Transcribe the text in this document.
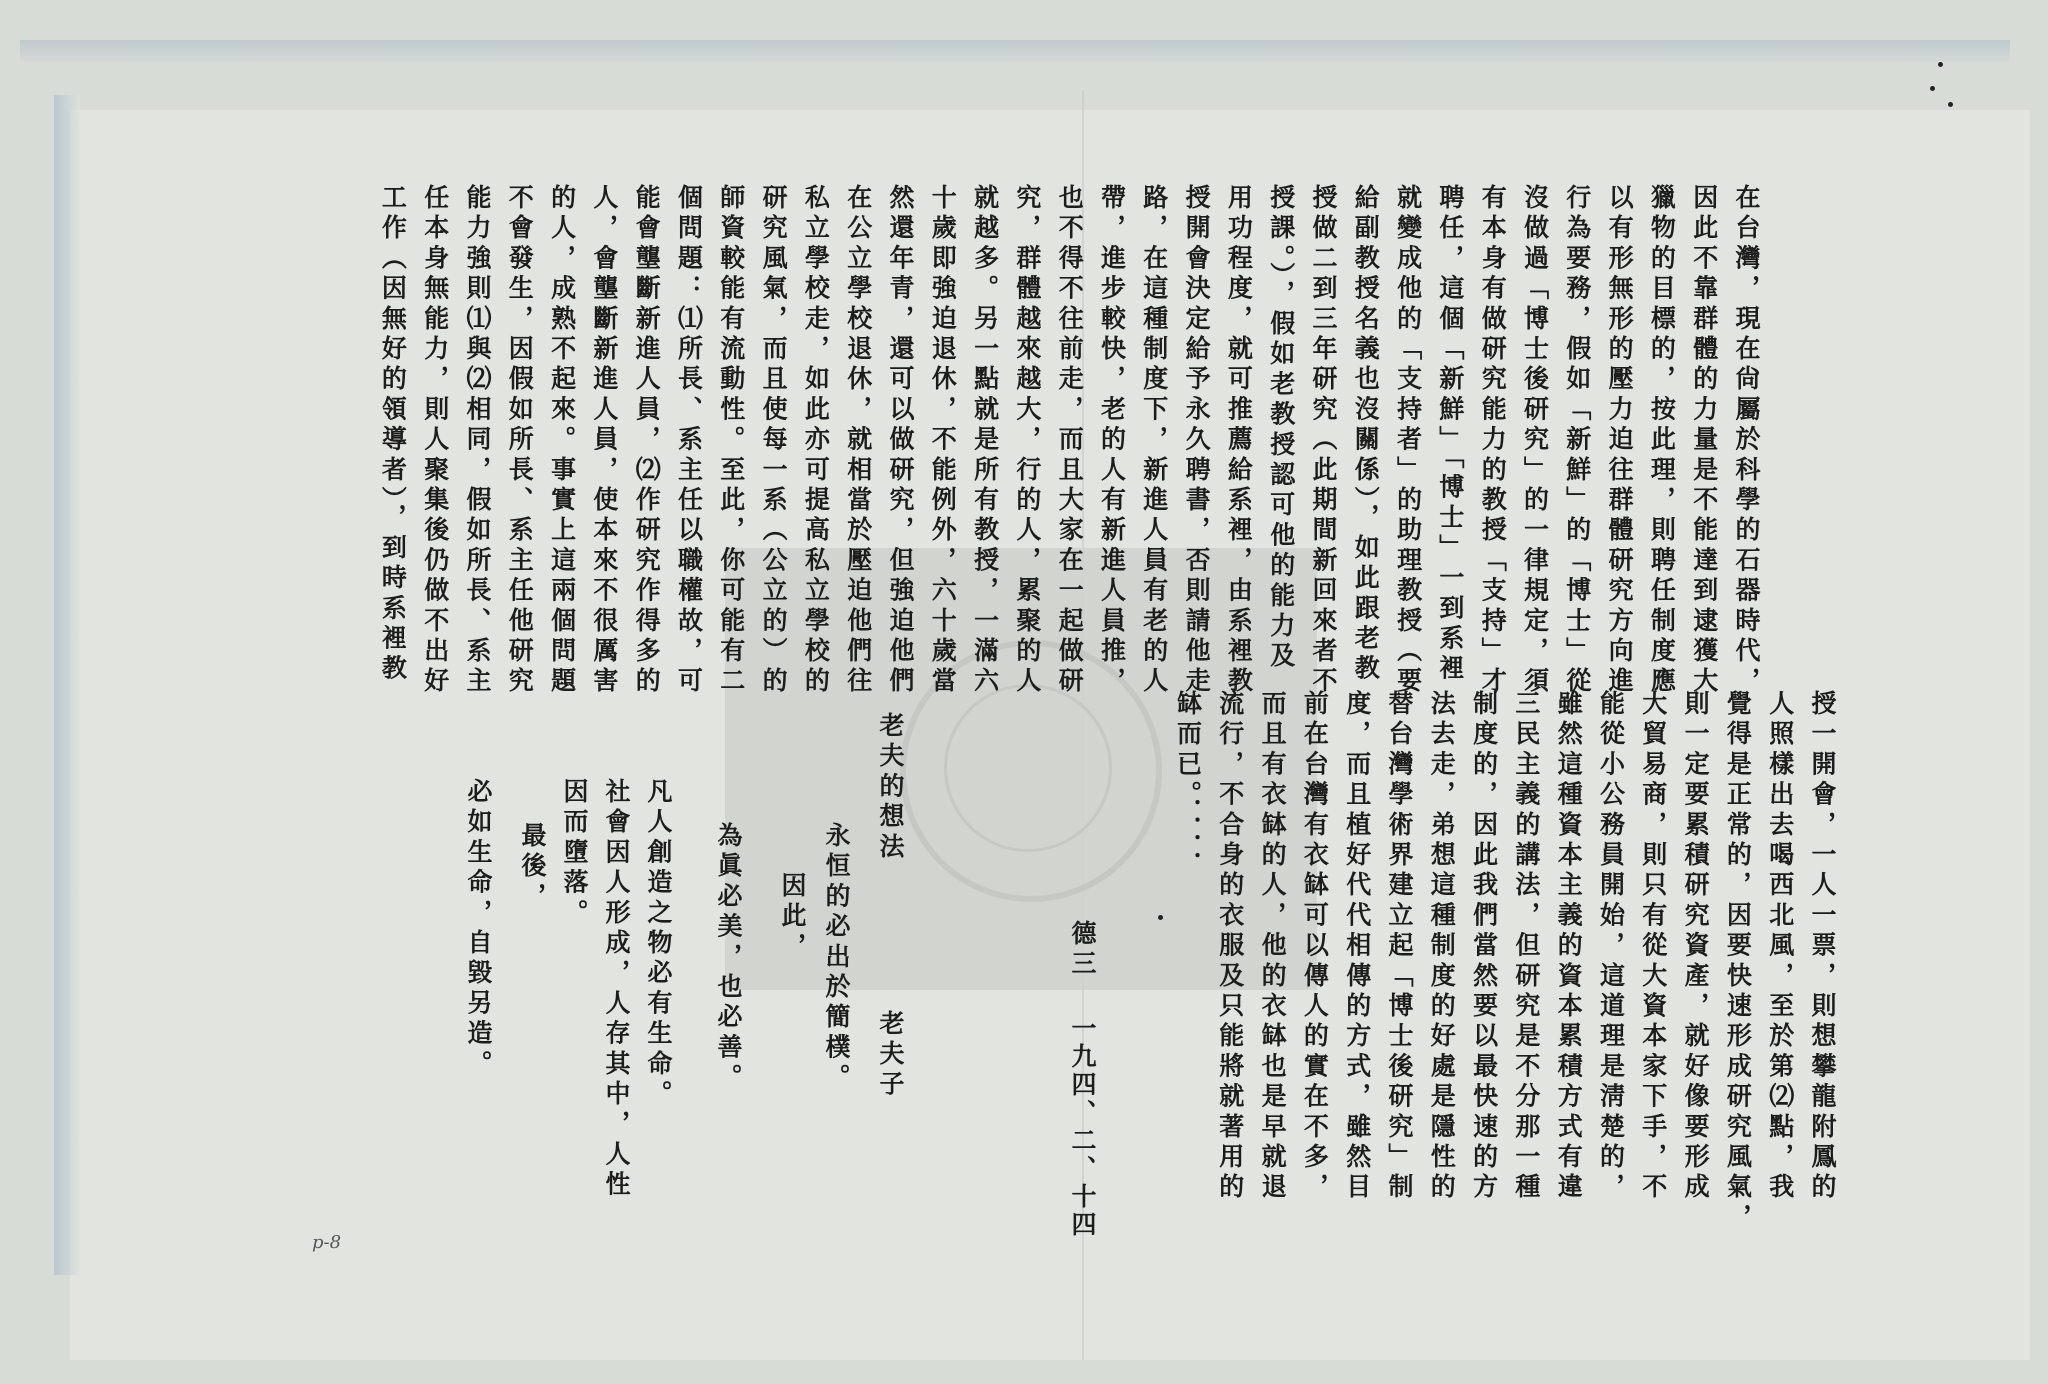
在台灣，現在尙屬於科學的石器時代，
因此不靠群體的力量是不能達到逮獲大
獵物的目標的，按此理，則聘任制度應
以有形無形的壓力迫往群體研究方向進
行為要務，假如「新鮮」的「博士」從
沒做過「博士後研究」的一律規定，須
有本身有做研究能力的教授「支持」才
聘任，這個「新鮮」「博士」一到系裡
就變成他的「支持者」的助理教授（要
給副教授名義也沒關係），如此跟老教
授做二到三年研究（此期間新回來者不
授課。），假如老教授認可他的能力及
用功程度，就可推薦給系裡，由系裡教
授開會決定給予永久聘書，否則請他走
路，在這種制度下，新進人員有老的人
帶，進步較快，老的人有新進人員推，
也不得不往前走，而且大家在一起做研
究，群體越來越大，行的人，累聚的人
就越多。另一點就是所有教授，一滿六
十歲即強迫退休，不能例外，六十歲當
然還年青，還可以做研究，但強迫他們
在公立學校退休，就相當於壓迫他們往
私立學校走，如此亦可提高私立學校的
研究風氣，而且使每一系（公立的）的
師資較能有流動性。至此，你可能有二
個問題：⑴所長、系主任以職權故，可
能會壟斷新進人員，⑵作研究作得多的
人，會壟斷新進人員，使本來不很厲害
的人，成熟不起來。事實上這兩個問題
不會發生，因假如所長、系主任他研究
能力強則⑴與⑵相同，假如所長、系主
任本身無能力，則人聚集後仍做不出好
工作（因無好的領導者），到時系裡教
授一開會，一人一票，則想攀龍附鳳的
人照樣出去喝西北風，至於第⑵點，我
覺得是正常的，因要快速形成研究風氣，
則一定要累積研究資產，就好像要形成
大貿易商，則只有從大資本家下手，不
能從小公務員開始，這道理是淸楚的，
雖然這種資本主義的資本累積方式有違
三民主義的講法，但研究是不分那一種
制度的，因此我們當然要以最快速的方
法去走，弟想這種制度的好處是隱性的
替台灣學術界建立起「博士後研究」制
度，而且植好代代相傳的方式，雖然目
前在台灣有衣缽可以傳人的實在不多，
而且有衣缽的人，他的衣缽也是早就退
流行，不合身的衣服及只能將就著用的
缽而已。．．．．
德三
一九四、二、十四
老夫的想法
老夫子
永恒的必出於簡樸。
因此，
為眞必美，也必善。
凡人創造之物必有生命。
社會因人形成，人存其中，人性
因而墮落。
最後，
必如生命，自毀另造。
p-8
